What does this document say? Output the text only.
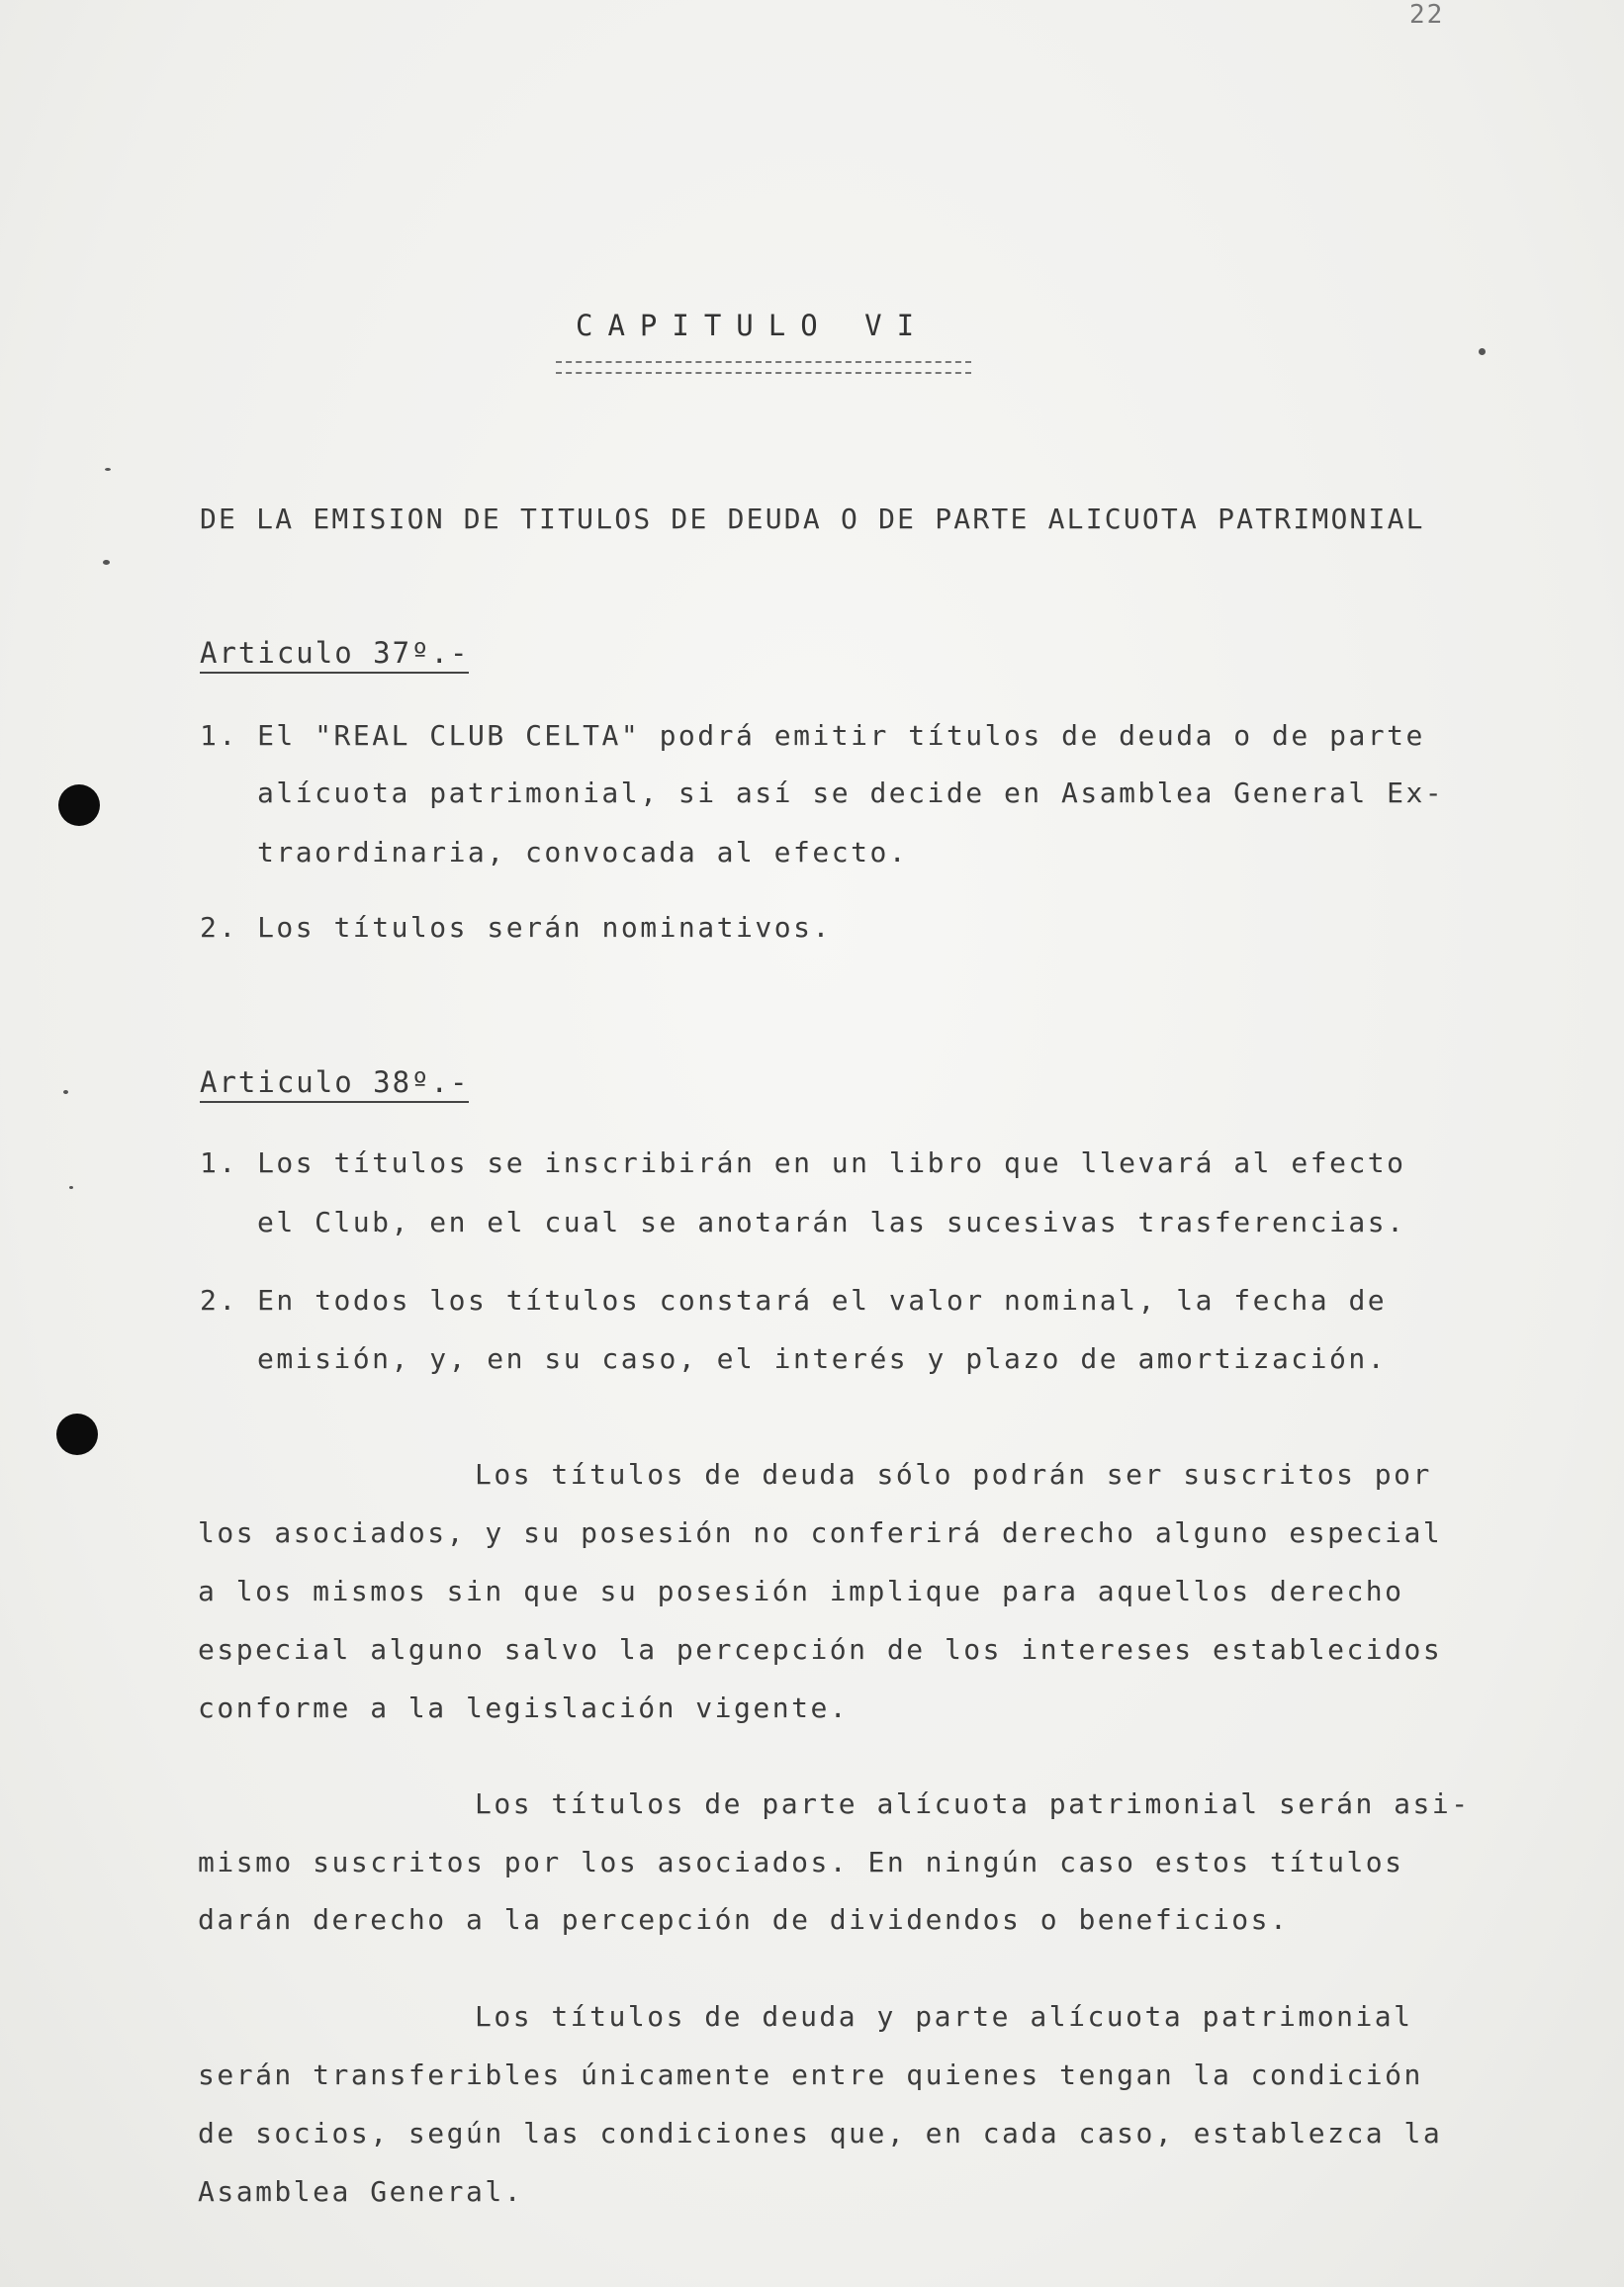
22
CAPITULO VI
DE LA EMISION DE TITULOS DE DEUDA O DE PARTE ALICUOTA PATRIMONIAL
Articulo 37º.-
1. El "REAL CLUB CELTA" podrá emitir títulos de deuda o de parte
alícuota patrimonial, si así se decide en Asamblea General Ex-
traordinaria, convocada al efecto.
2. Los títulos serán nominativos.
Articulo 38º.-
1. Los títulos se inscribirán en un libro que llevará al efecto
el Club, en el cual se anotarán las sucesivas trasferencias.
2. En todos los títulos constará el valor nominal, la fecha de
emisión, y, en su caso, el interés y plazo de amortización.
Los títulos de deuda sólo podrán ser suscritos por
los asociados, y su posesión no conferirá derecho alguno especial
a los mismos sin que su posesión implique para aquellos derecho
especial alguno salvo la percepción de los intereses establecidos
conforme a la legislación vigente.
Los títulos de parte alícuota patrimonial serán asi-
mismo suscritos por los asociados. En ningún caso estos títulos
darán derecho a la percepción de dividendos o beneficios.
Los títulos de deuda y parte alícuota patrimonial
serán transferibles únicamente entre quienes tengan la condición
de socios, según las condiciones que, en cada caso, establezca la
Asamblea General.
